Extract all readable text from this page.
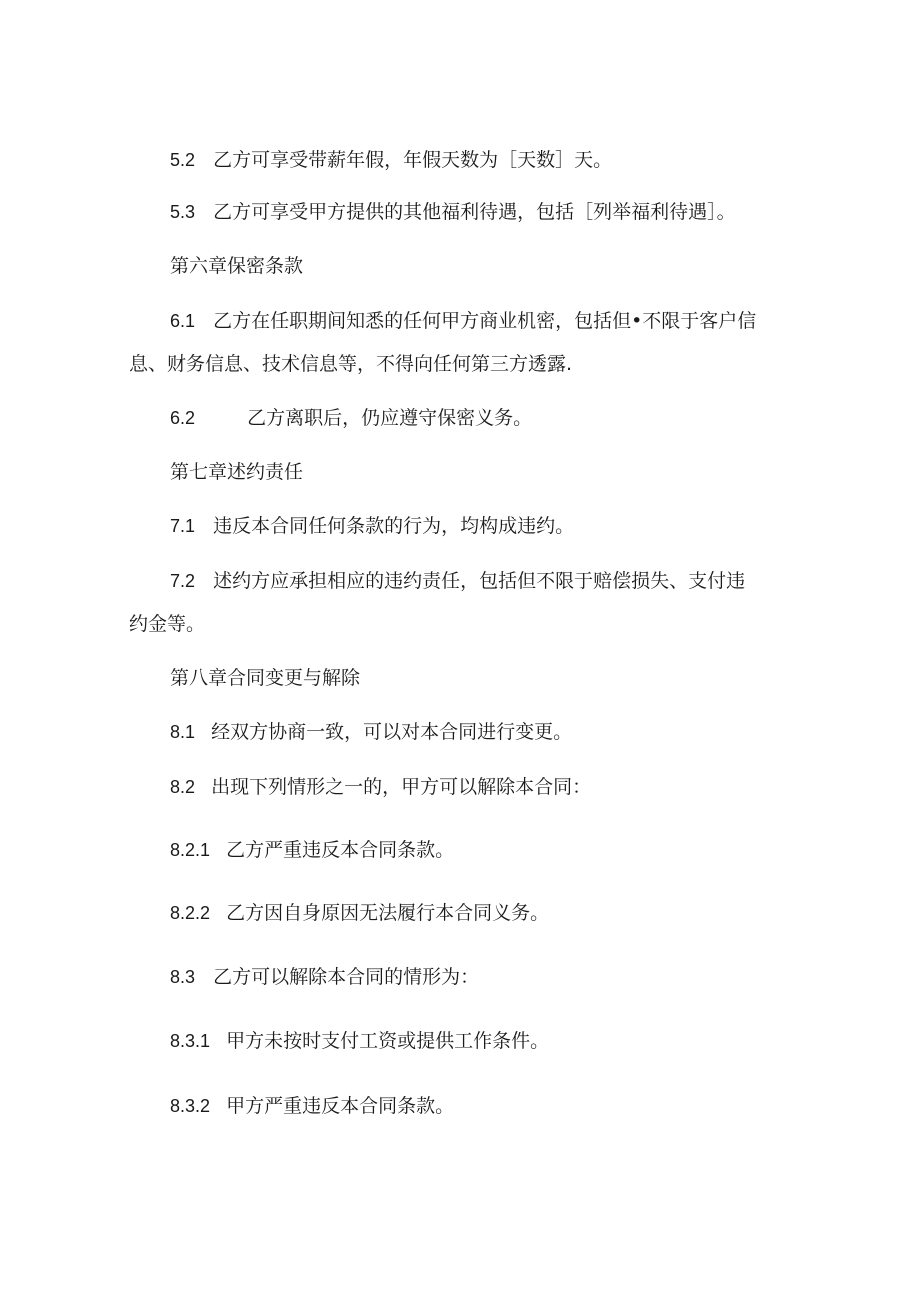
5.2 乙方可享受带薪年假，年假天数为［天数］天。
5.3 乙方可享受甲方提供的其他福利待遇，包括［列举福利待遇］。
第六章保密条款
6.1 乙方在任职期间知悉的任何甲方商业机密，包括但•不限于客户信
息、财务信息、技术信息等，不得向任何第三方透露.
6.2	乙方离职后，仍应遵守保密义务。
第七章述约责任
7.1 违反本合同任何条款的行为，均构成违约。
7.2 述约方应承担相应的违约责任，包括但不限于赔偿损失、支付违
约金等。
第八章合同变更与解除
8.1 经双方协商一致，可以对本合同进行变更。
8.2 出现下列情形之一的，甲方可以解除本合同：
8.2.1 乙方严重违反本合同条款。
8.2.2 乙方因自身原因无法履行本合同义务。
8.3 乙方可以解除本合同的情形为：
8.3.1 甲方未按时支付工资或提供工作条件。
8.3.2 甲方严重违反本合同条款。
